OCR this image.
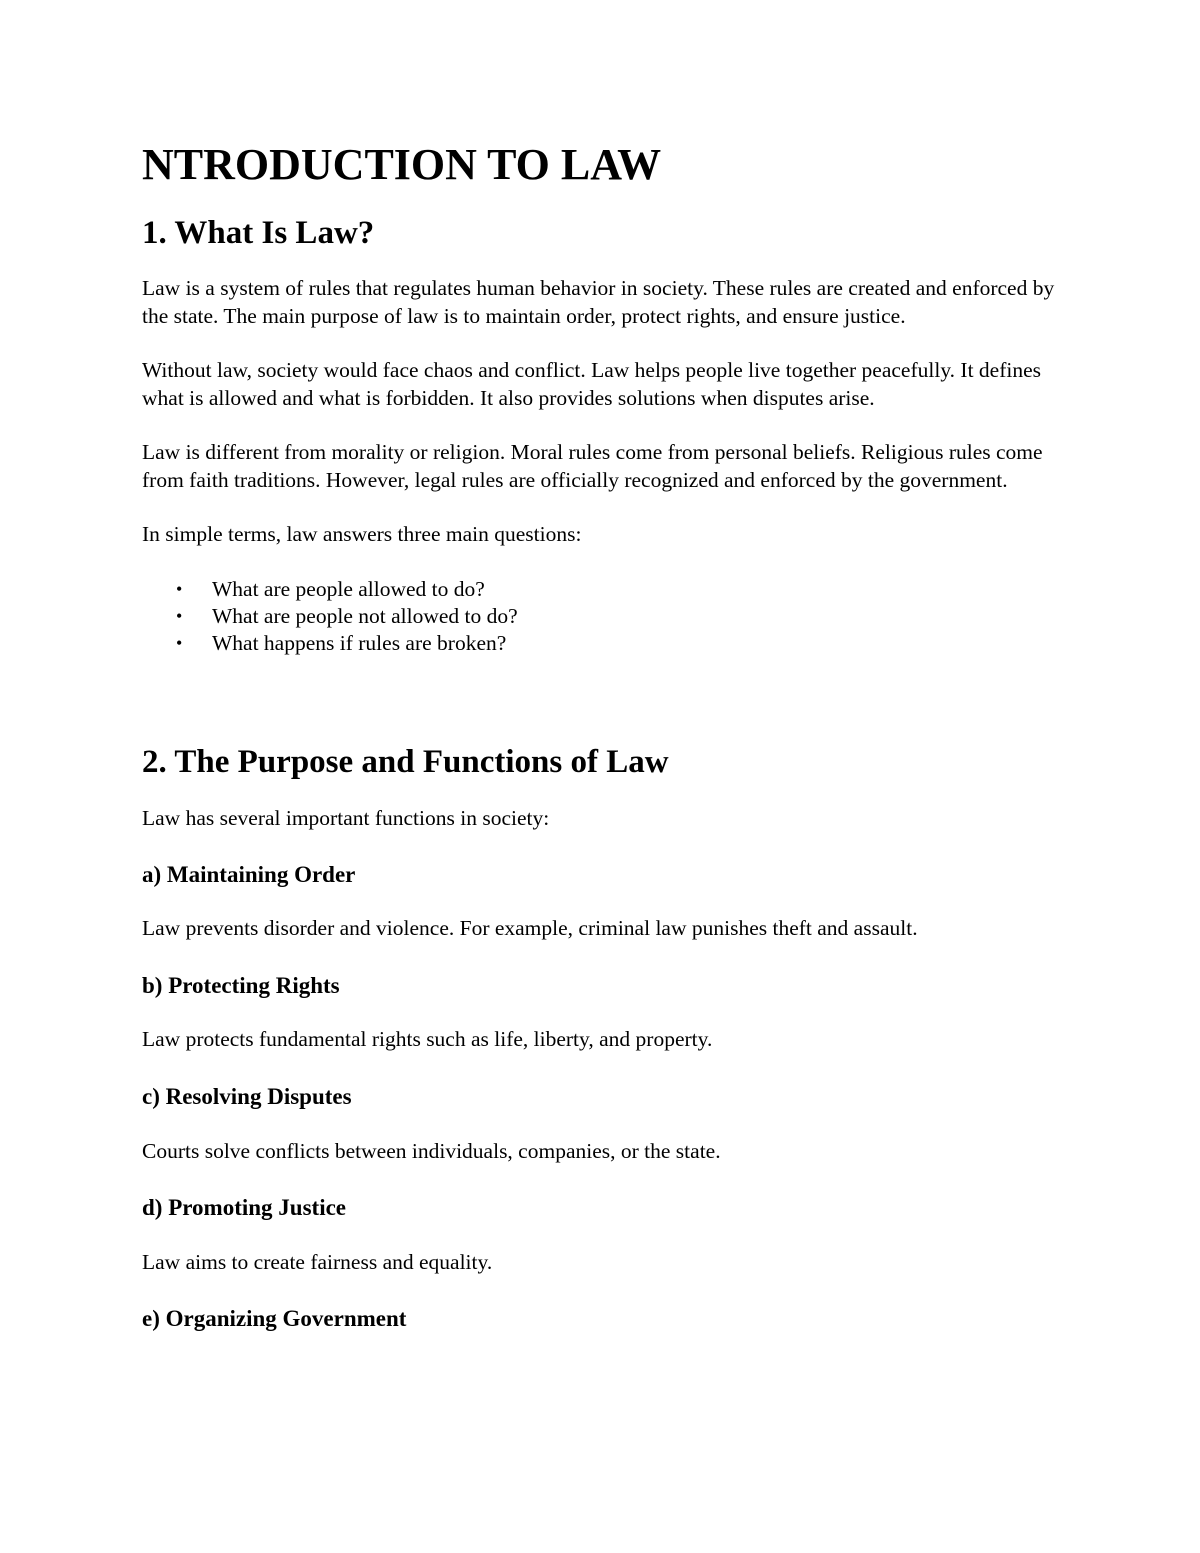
NTRODUCTION TO LAW
1. What Is Law?

Law is a system of rules that regulates human behavior in society. These rules are created and enforced by the state. The main purpose of law is to maintain order, protect rights, and ensure justice.

Without law, society would face chaos and conflict. Law helps people live together peacefully. It defines what is allowed and what is forbidden. It also provides solutions when disputes arise.

Law is different from morality or religion. Moral rules come from personal beliefs. Religious rules come from faith traditions. However, legal rules are officially recognized and enforced by the government.

In simple terms, law answers three main questions:

• What are people allowed to do?
• What are people not allowed to do?
• What happens if rules are broken?
2. The Purpose and Functions of Law

Law has several important functions in society:

a) Maintaining Order

Law prevents disorder and violence. For example, criminal law punishes theft and assault.

b) Protecting Rights

Law protects fundamental rights such as life, liberty, and property.

c) Resolving Disputes

Courts solve conflicts between individuals, companies, or the state.

d) Promoting Justice

Law aims to create fairness and equality.

e) Organizing Government
